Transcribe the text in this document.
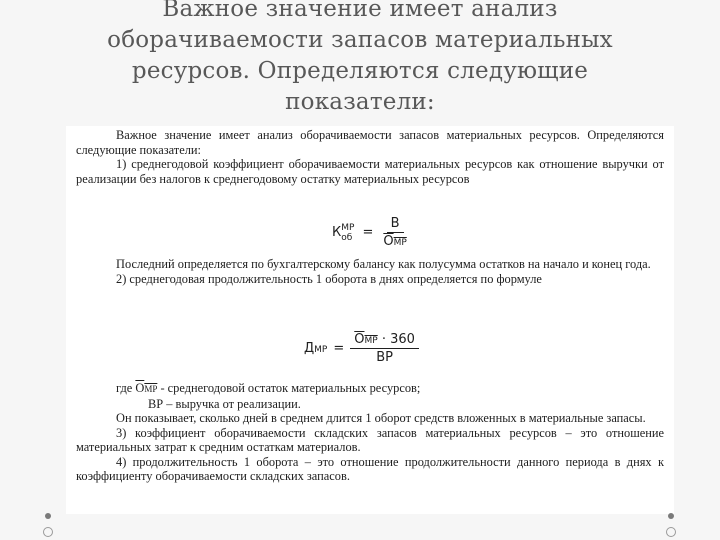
Важное значение имеет анализ
оборачиваемости запасов материальных
ресурсов. Определяются следующие
показатели:
Важное значение имеет анализ оборачиваемости запасов материальных ресурсов. Определяются следующие показатели:
1) среднегодовой коэффициент оборачиваемости материальных ресурсов как отношение выручки от реализации без налогов к среднегодовому остатку материальных ресурсов
К МР
об = $\frac{В}{\text{ОМР}}$
Последний определяется по бухгалтерскому балансу как полусумма остатков на начало и конец года.
2) среднегодовая продолжительность 1 оборота в днях определяется по формуле
ДМР = $\frac{\text{ОМР · 360}}{ВР}$
где ОМР - среднегодовой остаток материальных ресурсов;
ВР – выручка от реализации.
Он показывает, сколько дней в среднем длится 1 оборот средств вложенных в материальные запасы.
3) коэффициент оборачиваемости складских запасов материальных ресурсов – это отношение материальных затрат к средним остаткам материалов.
4) продолжительность 1 оборота – это отношение продолжительности данного периода в днях к коэффициенту оборачиваемости складских запасов.
